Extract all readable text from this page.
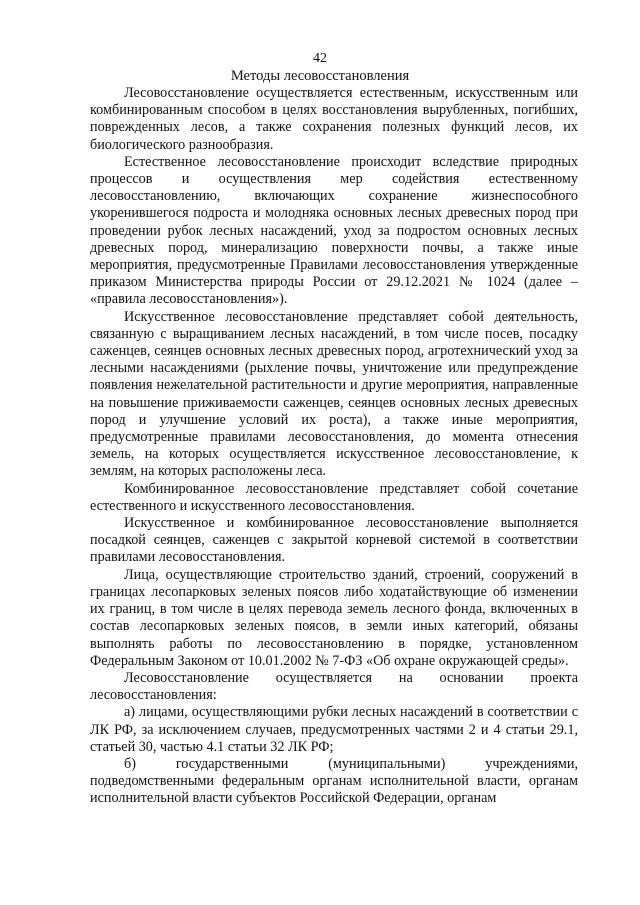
42
Методы лесовосстановления

Лесовосстановление осуществляется естественным, искусственным или комбинированным способом в целях восстановления вырубленных, погибших, поврежденных лесов, а также сохранения полезных функций лесов, их биологического разнообразия.

Естественное лесовосстановление происходит вследствие природных процессов и осуществления мер содействия естественному лесовосстановлению, включающих сохранение жизнеспособного укоренившегося подроста и молодняка основных лесных древесных пород при проведении рубок лесных насаждений, уход за подростом основных лесных древесных пород, минерализацию поверхности почвы, а также иные мероприятия, предусмотренные Правилами лесовосстановления утвержденные приказом Министерства природы России от 29.12.2021 № 1024 (далее – «правила лесовосстановления»).

Искусственное лесовосстановление представляет собой деятельность, связанную с выращиванием лесных насаждений, в том числе посев, посадку саженцев, сеянцев основных лесных древесных пород, агротехнический уход за лесными насаждениями (рыхление почвы, уничтожение или предупреждение появления нежелательной растительности и другие мероприятия, направленные на повышение приживаемости саженцев, сеянцев основных лесных древесных пород и улучшение условий их роста), а также иные мероприятия, предусмотренные правилами лесовосстановления, до момента отнесения земель, на которых осуществляется искусственное лесовосстановление, к землям, на которых расположены леса.

Комбинированное лесовосстановление представляет собой сочетание естественного и искусственного лесовосстановления.

Искусственное и комбинированное лесовосстановление выполняется посадкой сеянцев, саженцев с закрытой корневой системой в соответствии правилами лесовосстановления.

Лица, осуществляющие строительство зданий, строений, сооружений в границах лесопарковых зеленых поясов либо ходатайствующие об изменении их границ, в том числе в целях перевода земель лесного фонда, включенных в состав лесопарковых зеленых поясов, в земли иных категорий, обязаны выполнять работы по лесовосстановлению в порядке, установленном Федеральным Законом от 10.01.2002 № 7-ФЗ «Об охране окружающей среды».

Лесовосстановление осуществляется на основании проекта лесовосстановления:

а) лицами, осуществляющими рубки лесных насаждений в соответствии с ЛК РФ, за исключением случаев, предусмотренных частями 2 и 4 статьи 29.1, статьей 30, частью 4.1 статьи 32 ЛК РФ;

б) государственными (муниципальными) учреждениями, подведомственными федеральным органам исполнительной власти, органам исполнительной власти субъектов Российской Федерации, органам
